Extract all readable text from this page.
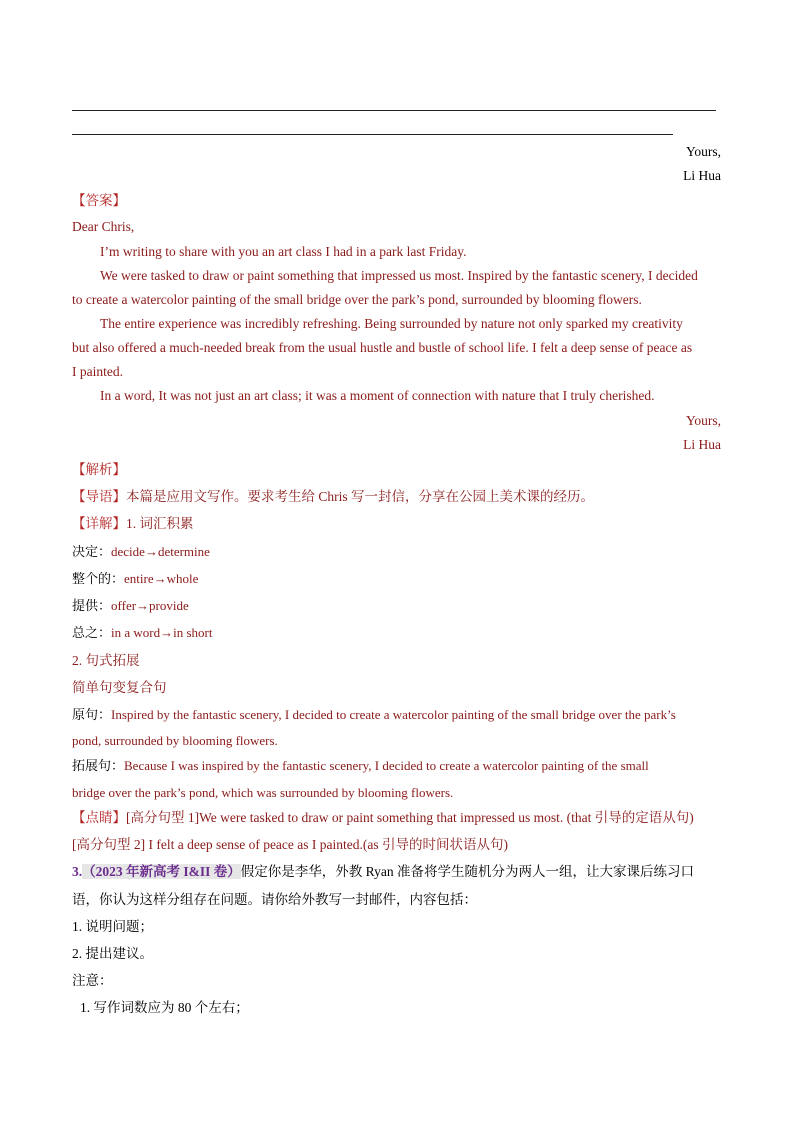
Yours,
Li Hua
【答案】
Dear Chris,
I’m writing to share with you an art class I had in a park last Friday.
We were tasked to draw or paint something that impressed us most. Inspired by the fantastic scenery, I decided
to create a watercolor painting of the small bridge over the park’s pond, surrounded by blooming flowers.
The entire experience was incredibly refreshing. Being surrounded by nature not only sparked my creativity
but also offered a much-needed break from the usual hustle and bustle of school life. I felt a deep sense of peace as
I painted.
In a word, It was not just an art class; it was a moment of connection with nature that I truly cherished.
Yours,
Li Hua
【解析】
【导语】本篇是应用文写作。要求考生给 Chris 写一封信，分享在公园上美术课的经历。
【详解】1. 词汇积累
决定：decide→determine
整个的：entire→whole
提供：offer→provide
总之：in a word→in short
2. 句式拓展
简单句变复合句
原句：Inspired by the fantastic scenery, I decided to create a watercolor painting of the small bridge over the park’s
pond, surrounded by blooming flowers.
拓展句：Because I was inspired by the fantastic scenery, I decided to create a watercolor painting of the small
bridge over the park’s pond, which was surrounded by blooming flowers.
【点睛】[高分句型 1]We were tasked to draw or paint something that impressed us most. (that 引导的定语从句)
[高分句型 2] I felt a deep sense of peace as I painted.(as 引导的时间状语从句)
3.（2023 年新高考 I&II 卷）假定你是李华，外教 Ryan 准备将学生随机分为两人一组，让大家课后练习口
语，你认为这样分组存在问题。请你给外教写一封邮件，内容包括：
1. 说明问题；
2. 提出建议。
注意：
1. 写作词数应为 80 个左右；
